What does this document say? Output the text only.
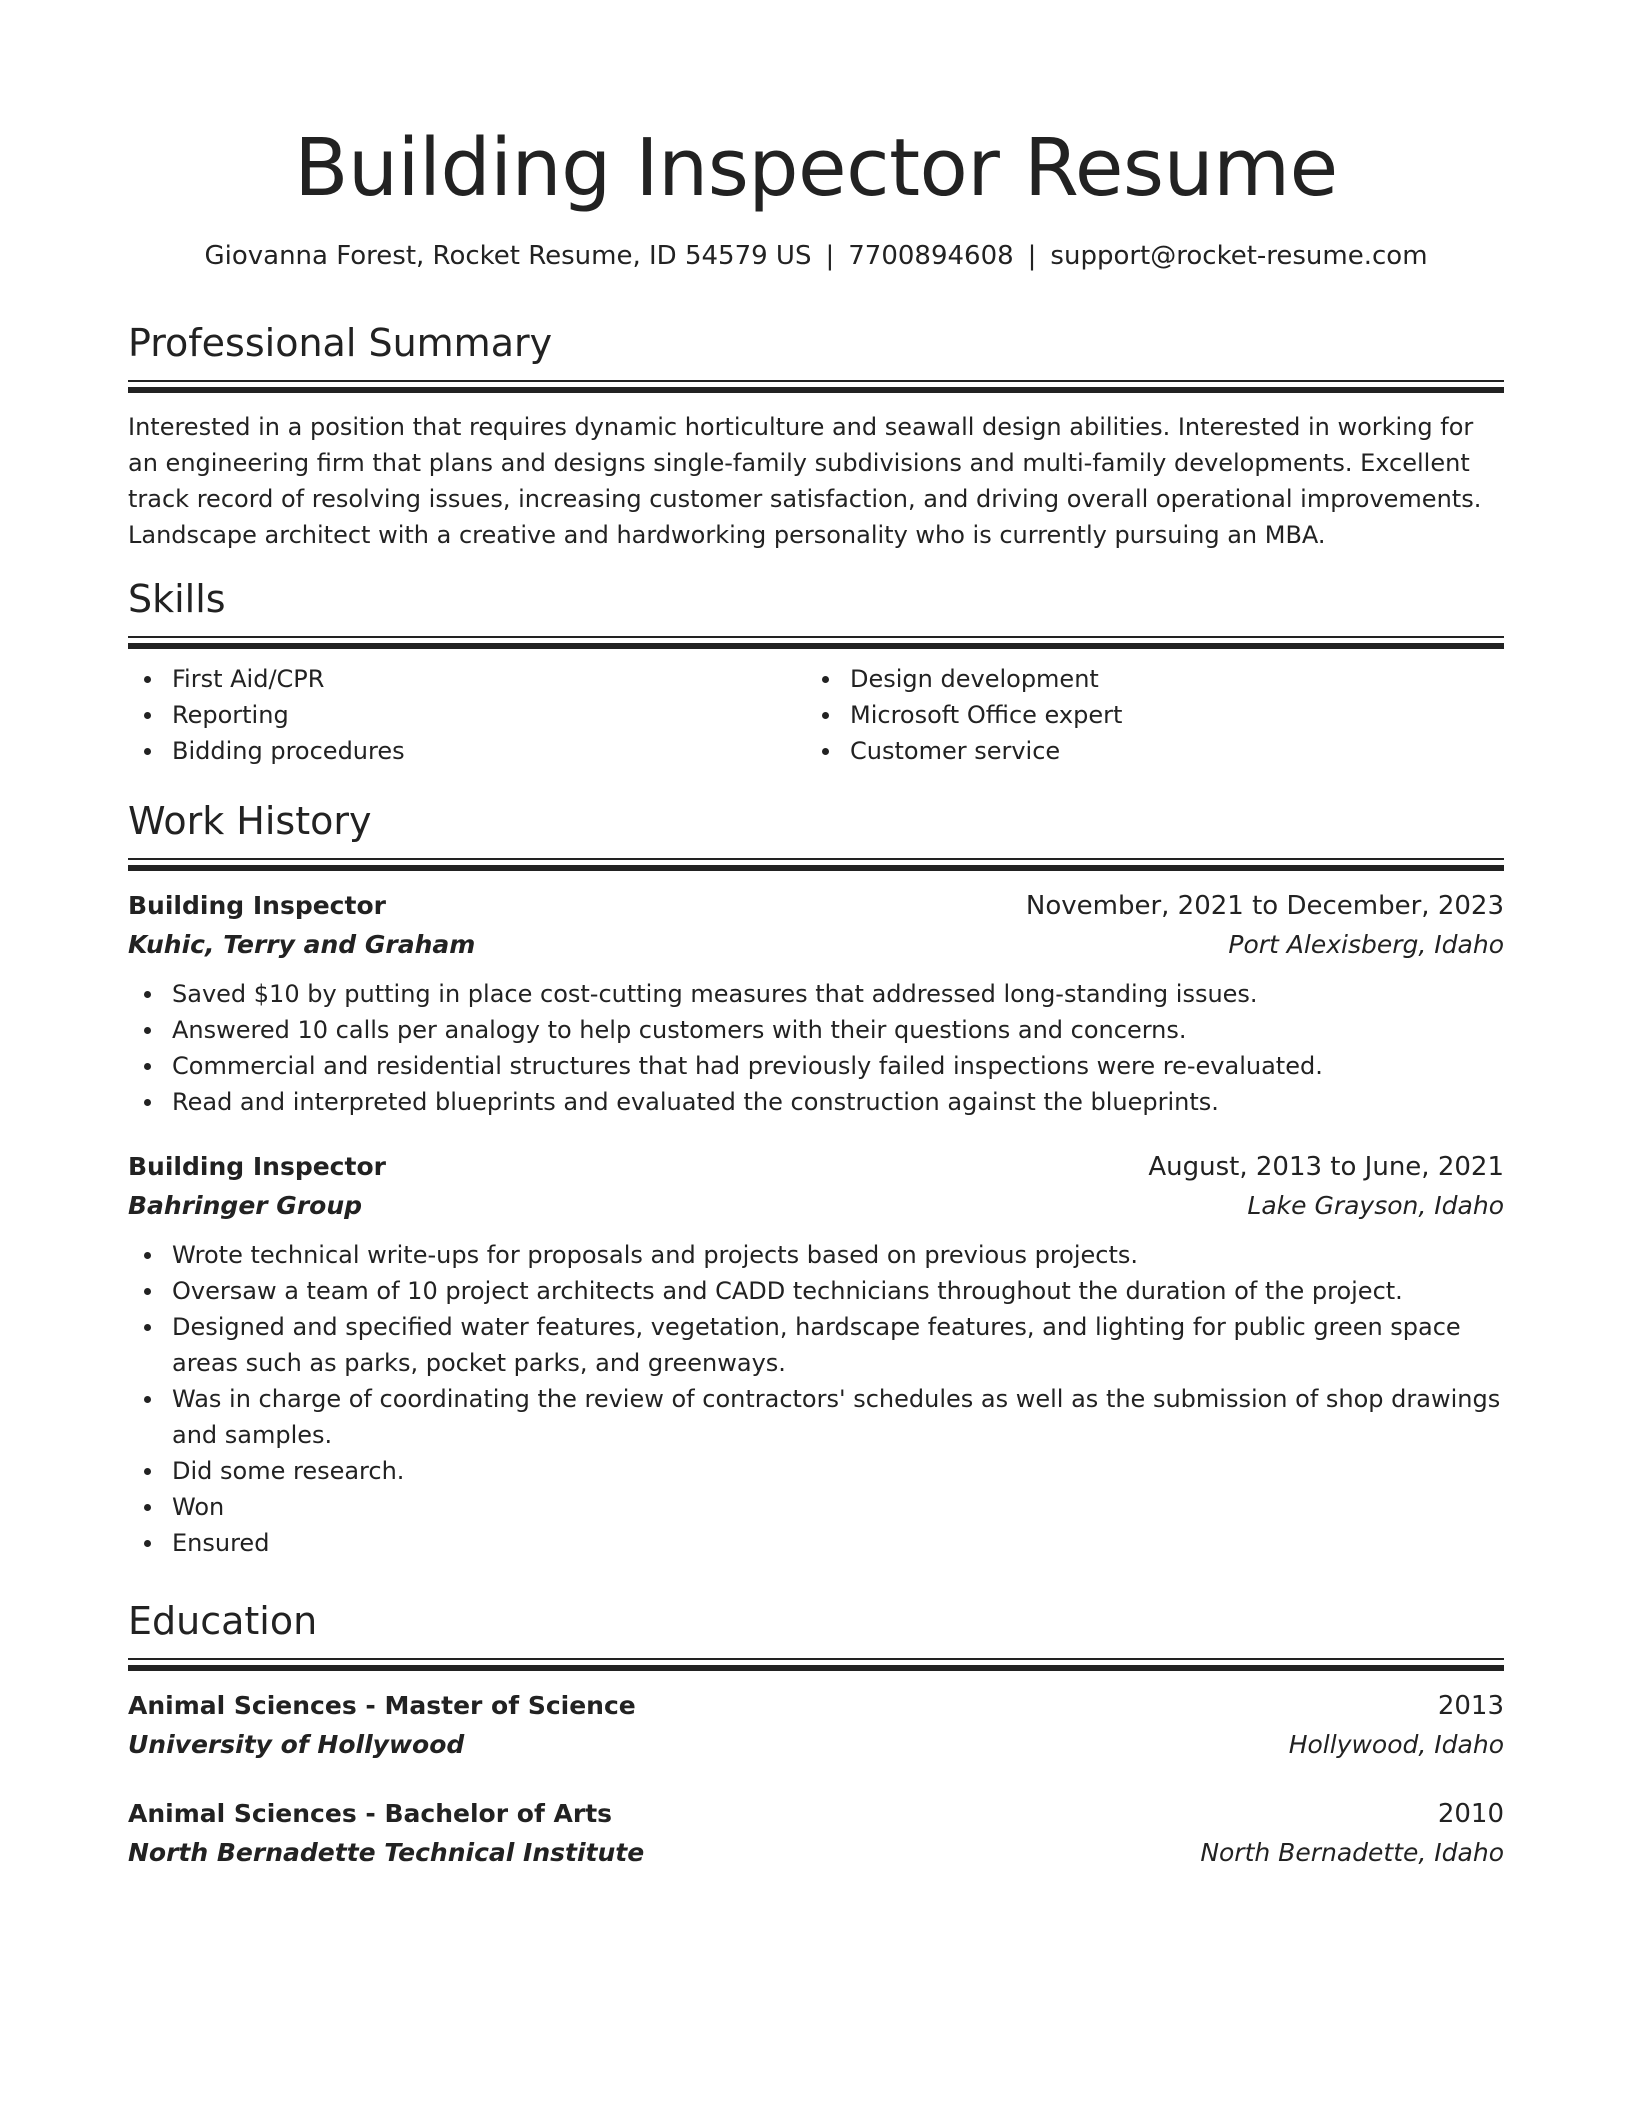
Building Inspector Resume
Giovanna Forest, Rocket Resume, ID 54579 US | 7700894608 | support@rocket-resume.com
Professional Summary
Interested in a position that requires dynamic horticulture and seawall design abilities. Interested in working for an engineering firm that plans and designs single-family subdivisions and multi-family developments. Excellent track record of resolving issues, increasing customer satisfaction, and driving overall operational improvements. Landscape architect with a creative and hardworking personality who is currently pursuing an MBA.
Skills
First Aid/CPR
Reporting
Bidding procedures
Design development
Microsoft Office expert
Customer service
Work History
Building Inspector	November, 2021 to December, 2023
Kuhic, Terry and Graham	Port Alexisberg, Idaho
Saved $10 by putting in place cost-cutting measures that addressed long-standing issues.
Answered 10 calls per analogy to help customers with their questions and concerns.
Commercial and residential structures that had previously failed inspections were re-evaluated.
Read and interpreted blueprints and evaluated the construction against the blueprints.
Building Inspector	August, 2013 to June, 2021
Bahringer Group	Lake Grayson, Idaho
Wrote technical write-ups for proposals and projects based on previous projects.
Oversaw a team of 10 project architects and CADD technicians throughout the duration of the project.
Designed and specified water features, vegetation, hardscape features, and lighting for public green space areas such as parks, pocket parks, and greenways.
Was in charge of coordinating the review of contractors' schedules as well as the submission of shop drawings and samples.
Did some research.
Won
Ensured
Education
Animal Sciences - Master of Science	2013
University of Hollywood	Hollywood, Idaho
Animal Sciences - Bachelor of Arts	2010
North Bernadette Technical Institute	North Bernadette, Idaho
